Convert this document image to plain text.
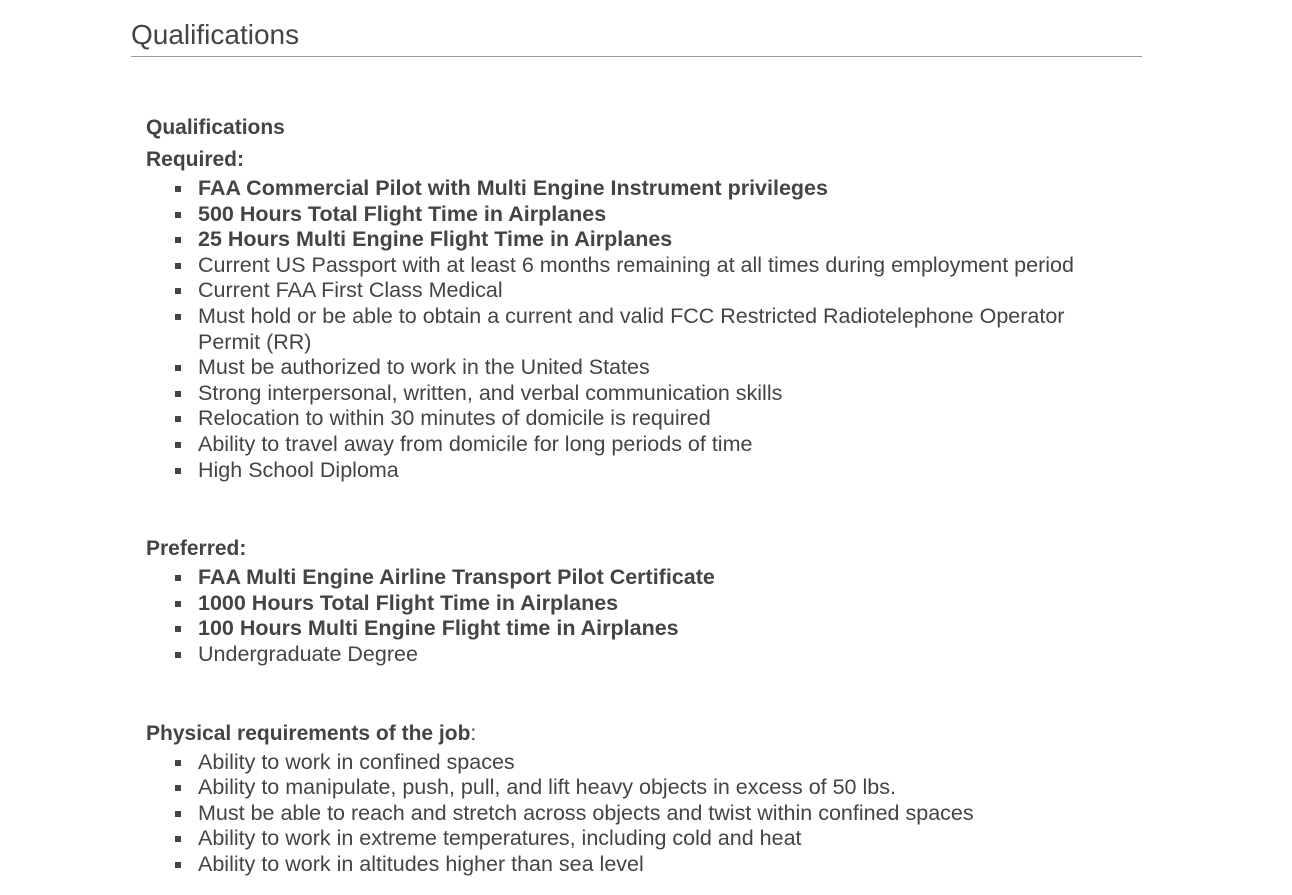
Qualifications
Qualifications
Required:
FAA Commercial Pilot with Multi Engine Instrument privileges
500 Hours Total Flight Time in Airplanes
25 Hours Multi Engine Flight Time in Airplanes
Current US Passport with at least 6 months remaining at all times during employment period
Current FAA First Class Medical
Must hold or be able to obtain a current and valid FCC Restricted Radiotelephone Operator Permit (RR)
Must be authorized to work in the United States
Strong interpersonal, written, and verbal communication skills
Relocation to within 30 minutes of domicile is required
Ability to travel away from domicile for long periods of time
High School Diploma
Preferred:
FAA Multi Engine Airline Transport Pilot Certificate
1000 Hours Total Flight Time in Airplanes
100 Hours Multi Engine Flight time in Airplanes
Undergraduate Degree
Physical requirements of the job:
Ability to work in confined spaces
Ability to manipulate, push, pull, and lift heavy objects in excess of 50 lbs.
Must be able to reach and stretch across objects and twist within confined spaces
Ability to work in extreme temperatures, including cold and heat
Ability to work in altitudes higher than sea level
